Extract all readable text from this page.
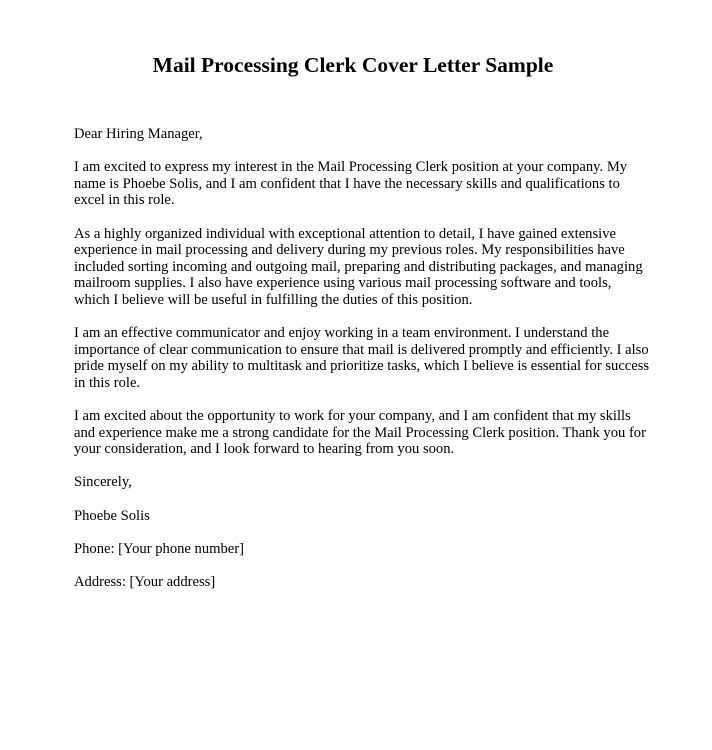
Mail Processing Clerk Cover Letter Sample

Dear Hiring Manager,

I am excited to express my interest in the Mail Processing Clerk position at your company. My name is Phoebe Solis, and I am confident that I have the necessary skills and qualifications to excel in this role.

As a highly organized individual with exceptional attention to detail, I have gained extensive experience in mail processing and delivery during my previous roles. My responsibilities have included sorting incoming and outgoing mail, preparing and distributing packages, and managing mailroom supplies. I also have experience using various mail processing software and tools, which I believe will be useful in fulfilling the duties of this position.

I am an effective communicator and enjoy working in a team environment. I understand the importance of clear communication to ensure that mail is delivered promptly and efficiently. I also pride myself on my ability to multitask and prioritize tasks, which I believe is essential for success in this role.

I am excited about the opportunity to work for your company, and I am confident that my skills and experience make me a strong candidate for the Mail Processing Clerk position. Thank you for your consideration, and I look forward to hearing from you soon.

Sincerely,

Phoebe Solis

Phone: [Your phone number]

Address: [Your address]
